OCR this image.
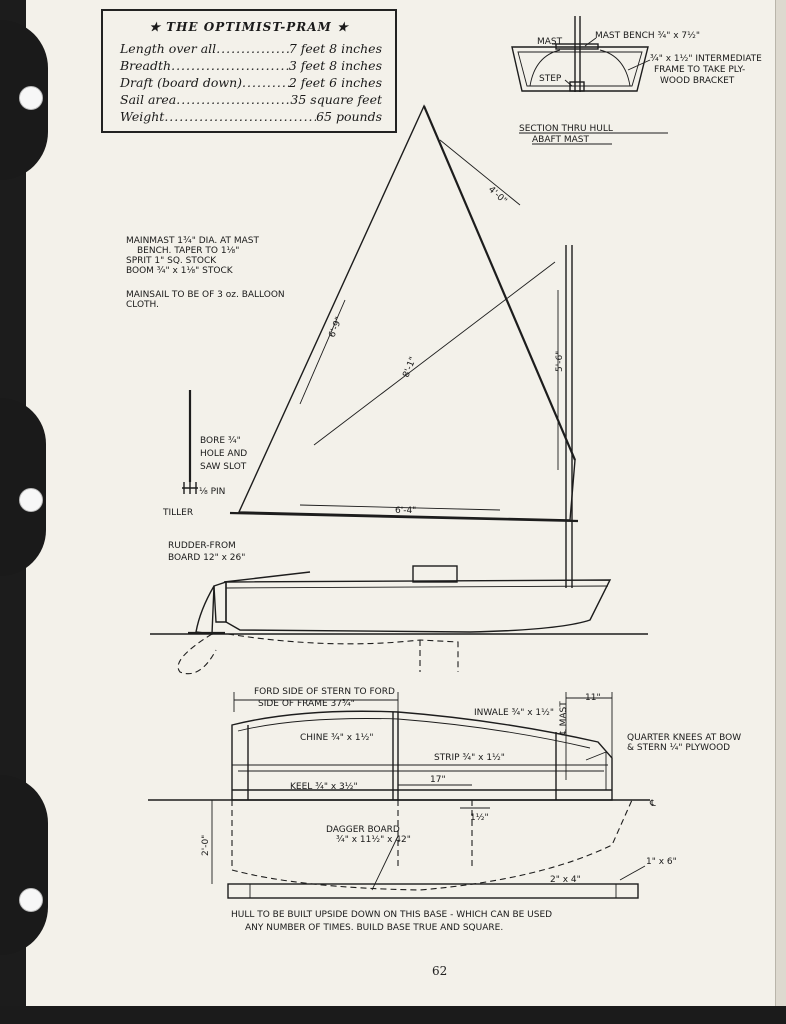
★ THE OPTIMIST-PRAM ★
Length over all .....	7 feet 8 inches
Breadth .....	3 feet 8 inches
Draft (board down) .....	2 feet 6 inches
Sail area .....	35 square feet
Weight .....	65 pounds
MAST
MAST BENCH ¾" x 7½"
¾" x 1½" INTERMEDIATE
FRAME TO TAKE PLY-
WOOD BRACKET
STEP
SECTION THRU HULL
ABAFT MAST
MAINMAST 1¾" DIA. AT MAST
BENCH. TAPER TO 1⅛"
SPRIT 1" SQ. STOCK
BOOM ¾" x 1⅛" STOCK
MAINSAIL TO BE OF 3 oz. BALLOON
CLOTH.
4'-0"
6'-9"
8'-1"	5'-6"
6'-4"
BORE ¾"
HOLE AND
SAW SLOT
⅛ PIN
TILLER
RUDDER-FROM
BOARD 12" x 26"
FORD SIDE OF STERN TO FORD
SIDE OF FRAME 37¾"
11"
INWALE ¾" x 1½" ℄ MAST
QUARTER KNEES AT BOW
& STERN ¼" PLYWOOD
CHINE ¾" x 1½"
STRIP ¾" x 1½"
17"
KEEL ¾" x 3½"
℄
1½"
2'-0"
DAGGER BOARD
¾" x 11½" x 42"
1" x 6"
2" x 4"
HULL TO BE BUILT UPSIDE DOWN ON THIS BASE - WHICH CAN BE USED
ANY NUMBER OF TIMES. BUILD BASE TRUE AND SQUARE.
62
